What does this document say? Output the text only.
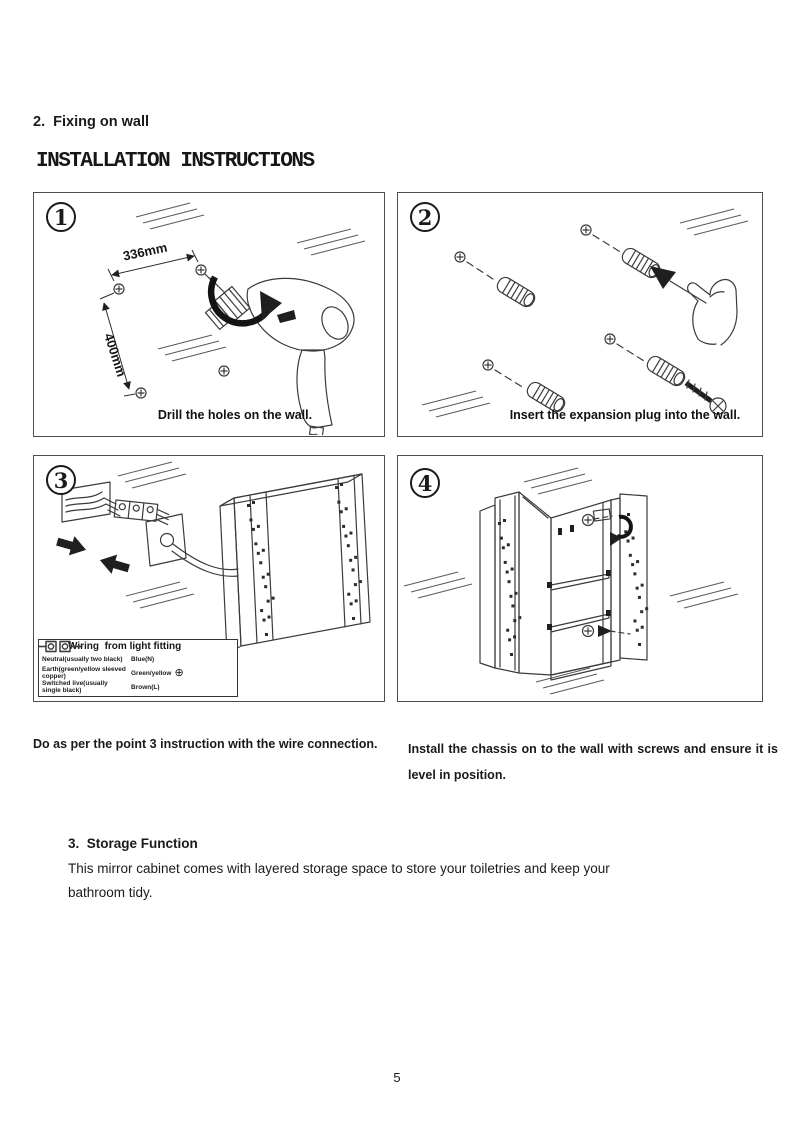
2.  Fixing on wall
INSTALLATION INSTRUCTIONS
1
336mm
400mm
Drill the holes on the wall.
2
Insert the expansion plug into the wall.
3
Wiring  from light fitting
Neutral(usually two black)	Blue(N)
Earth(green/yellow sleeved copper)	Green/yellow ⊕
Switched live(usually single black)	Brown(L)
4
Do as per the point 3 instruction with the wire connection. Install the chassis on to the wall with screws and ensure it is level in position.
3.  Storage Function
This mirror cabinet comes with layered storage space to store your toiletries and keep your bathroom tidy.
5
